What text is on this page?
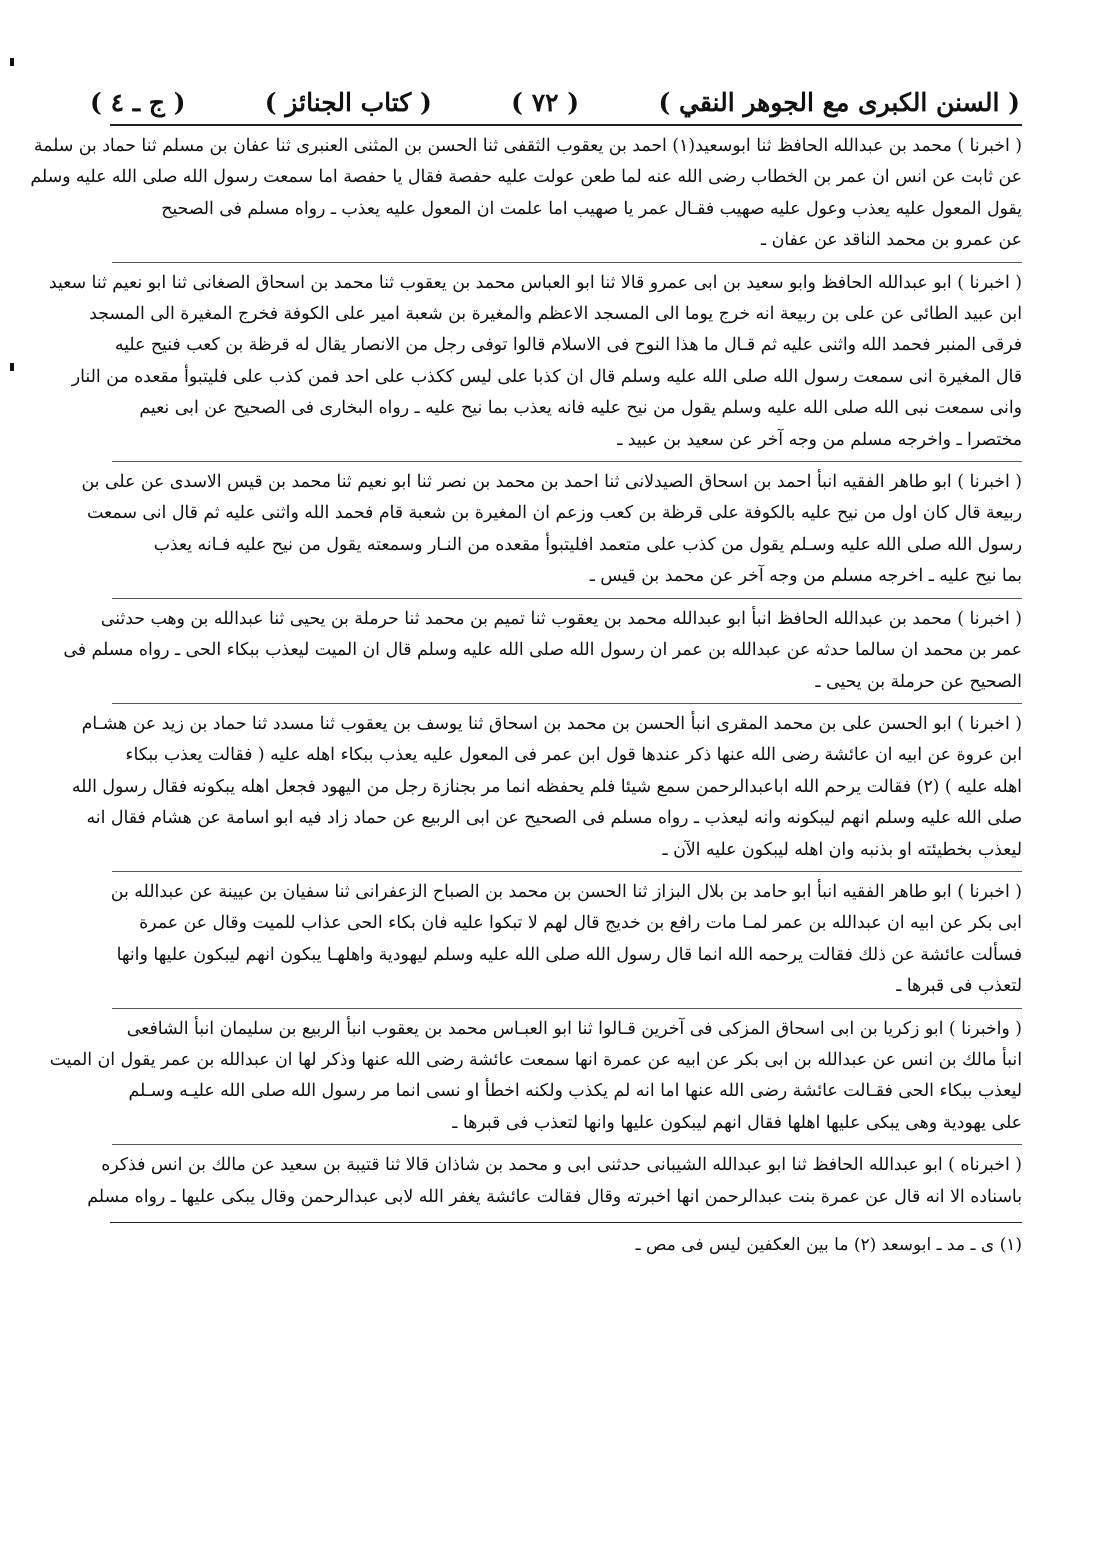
( السنن الكبرى مع الجوهر النقي )
( ٧٢ )
( كتاب الجنائز )
( ج ـ ٤ )
( اخبرنا ) محمد بن عبدالله الحافظ ثنا ابوسعيد(١) احمد بن يعقوب الثقفى ثنا الحسن بن المثنى العنبرى ثنا عفان بن مسلم ثنا حماد بن سلمة
عن ثابت عن انس ان عمر بن الخطاب رضى الله عنه لما طعن عولت عليه حفصة فقال يا حفصة اما سمعت رسول الله صلى الله عليه وسلم
يقول المعول عليه يعذب وعول عليه صهيب فقـال عمر يا صهيب اما علمت ان المعول عليه يعذب ـ رواه مسلم فى الصحيح
عن عمرو بن محمد الناقد عن عفان ـ
( اخبرنا ) ابو عبدالله الحافظ وابو سعيد بن ابى عمرو قالا ثنا ابو العباس محمد بن يعقوب ثنا محمد بن اسحاق الصغانى ثنا ابو نعيم ثنا سعيد
ابن عبيد الطائى عن على بن ربيعة انه خرج يوما الى المسجد الاعظم والمغيرة بن شعبة امير على الكوفة فخرج المغيرة الى المسجد
فرقى المنبر فحمد الله واثنى عليه ثم قـال ما هذا النوح فى الاسلام قالوا توفى رجل من الانصار يقال له قرظة بن كعب فنيح عليه
قال المغيرة انى سمعت رسول الله صلى الله عليه وسلم قال ان كذبا على ليس ككذب على احد فمن كذب على فليتبوأ مقعده من النار
وانى سمعت نبى الله صلى الله عليه وسلم يقول من نيح عليه فانه يعذب بما نيح عليه ـ رواه البخارى فى الصحيح عن ابى نعيم
مختصرا ـ واخرجه مسلم من وجه آخر عن سعيد بن عبيد ـ
( اخبرنا ) ابو طاهر الفقيه انبأ احمد بن اسحاق الصيدلانى ثنا احمد بن محمد بن نصر ثنا ابو نعيم ثنا محمد بن قيس الاسدى عن على بن
ربيعة قال كان اول من نيح عليه بالكوفة على قرظة بن كعب وزعم ان المغيرة بن شعبة قام فحمد الله واثنى عليه ثم قال انى سمعت
رسول الله صلى الله عليه وسـلم يقول من كذب على متعمد افليتبوأ مقعده من النـار وسمعته يقول من نيح عليه فـانه يعذب
بما نيح عليه ـ اخرجه مسلم من وجه آخر عن محمد بن قيس ـ
( اخبرنا ) محمد بن عبدالله الحافظ انبأ ابو عبدالله محمد بن يعقوب ثنا تميم بن محمد ثنا حرملة بن يحيى ثنا عبدالله بن وهب حدثنى
عمر بن محمد ان سالما حدثه عن عبدالله بن عمر ان رسول الله صلى الله عليه وسلم قال ان الميت ليعذب ببكاء الحى ـ رواه مسلم فى
الصحيح عن حرملة بن يحيى ـ
( اخبرنا ) ابو الحسن على بن محمد المقرى انبأ الحسن بن محمد بن اسحاق ثنا يوسف بن يعقوب ثنا مسدد ثنا حماد بن زيد عن هشـام
ابن عروة عن ابيه ان عائشة رضى الله عنها ذكر عندها قول ابن عمر فى المعول عليه يعذب ببكاء اهله عليه ( فقالت يعذب ببكاء
اهله عليه ) (٢) فقالت يرحم الله اباعبدالرحمن سمع شيئا فلم يحفظه انما مر بجنازة رجل من اليهود فجعل اهله يبكونه فقال رسول الله
صلى الله عليه وسلم انهم ليبكونه وانه ليعذب ـ رواه مسلم فى الصحيح عن ابى الربيع عن حماد زاد فيه ابو اسامة عن هشام فقال انه
ليعذب بخطيئته او بذنبه وان اهله ليبكون عليه الآن ـ
( اخبرنا ) ابو طاهر الفقيه انبأ ابو حامد بن بلال البزاز ثنا الحسن بن محمد بن الصباح الزعفرانى ثنا سفيان بن عيينة عن عبدالله بن
ابى بكر عن ابيه ان عبدالله بن عمر لمـا مات رافع بن خديج قال لهم لا تبكوا عليه فان بكاء الحى عذاب للميت وقال عن عمرة
فسألت عائشة عن ذلك فقالت يرحمه الله انما قال رسول الله صلى الله عليه وسلم ليهودية واهلهـا يبكون انهم ليبكون عليها وانها
لتعذب فى قبرها ـ
( واخبرنا ) ابو زكريا بن ابى اسحاق المزكى فى آخرين قـالوا ثنا ابو العبـاس محمد بن يعقوب انبأ الربيع بن سليمان انبأ الشافعى
انبأ مالك بن انس عن عبدالله بن ابى بكر عن ابيه عن عمرة انها سمعت عائشة رضى الله عنها وذكر لها ان عبدالله بن عمر يقول ان الميت
ليعذب ببكاء الحى فقـالت عائشة رضى الله عنها اما انه لم يكذب ولكنه اخطأ او نسى انما مر رسول الله صلى الله عليـه وسـلم
على يهودية وهى يبكى عليها اهلها فقال انهم ليبكون عليها وانها لتعذب فى قبرها ـ
( اخبرناه ) ابو عبدالله الحافظ ثنا ابو عبدالله الشيبانى حدثنى ابى و محمد بن شاذان قالا ثنا قتيبة بن سعيد عن مالك بن انس فذكره
باسناده الا انه قال عن عمرة بنت عبدالرحمن انها اخبرته وقال فقالت عائشة يغفر الله لابى عبدالرحمن وقال يبكى عليها ـ رواه مسلم
(١) ى ـ مد ـ ابوسعد (٢) ما بين العكفين ليس فى مص ـ
